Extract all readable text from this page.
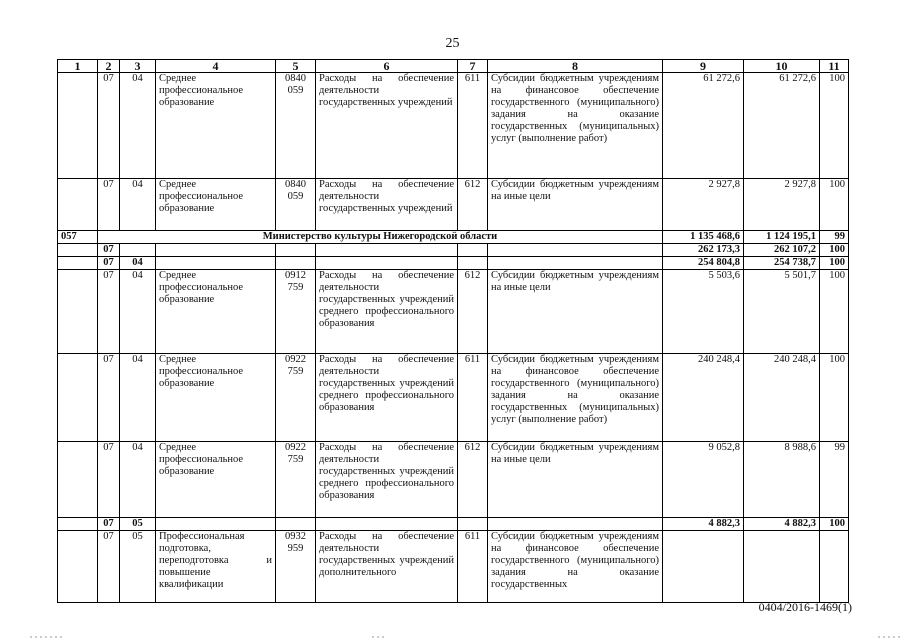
25
1	2	3	4	5	6	7	8	9	10	11
	07	04	Среднее профессиональное образование	0840 059	Расходы на обеспечение деятельности государственных учреждений	611	Субсидии бюджетным учреждениям на финансовое обеспечение государственного (муниципального) задания на оказание государственных (муниципальных) услуг (выполнение работ)	61 272,6	61 272,6	100
	07	04	Среднее профессиональное образование	0840 059	Расходы на обеспечение деятельности государственных учреждений	612	Субсидии бюджетным учреждениям на иные цели	2 927,8	2 927,8	100
057	Министерство культуры Нижегородской области							1 135 468,6	1 124 195,1	99
	07							262 173,3	262 107,2	100
	07	04						254 804,8	254 738,7	100
	07	04	Среднее профессиональное образование	0912 759	Расходы на обеспечение деятельности государственных учреждений среднего профессионального образования	612	Субсидии бюджетным учреждениям на иные цели	5 503,6	5 501,7	100
	07	04	Среднее профессиональное образование	0922 759	Расходы на обеспечение деятельности государственных учреждений среднего профессионального образования	611	Субсидии бюджетным учреждениям на финансовое обеспечение государственного (муниципального) задания на оказание государственных (муниципальных) услуг (выполнение работ)	240 248,4	240 248,4	100
	07	04	Среднее профессиональное образование	0922 759	Расходы на обеспечение деятельности государственных учреждений среднего профессионального образования	612	Субсидии бюджетным учреждениям на иные цели	9 052,8	8 988,6	99
	07	05						4 882,3	4 882,3	100
	07	05	Профессиональная подготовка, переподготовка и повышение квалификации	0932 959	Расходы на обеспечение деятельности государственных учреждений дополнительного	611	Субсидии бюджетным учреждениям на финансовое обеспечение государственного (муниципального) задания на оказание государственных			
0404/2016-1469(1)
